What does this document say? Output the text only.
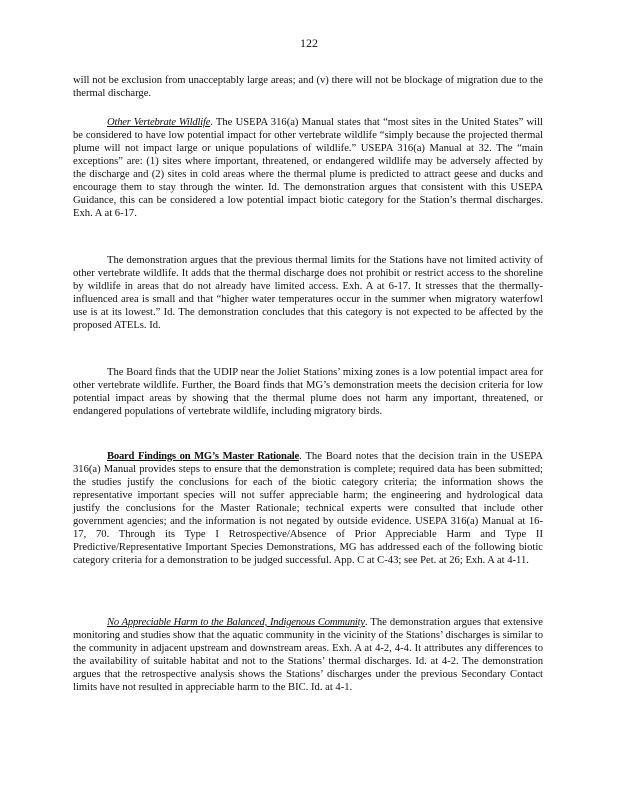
122
will not be exclusion from unacceptably large areas; and (v) there will not be blockage of migration due to the thermal discharge.
Other Vertebrate Wildlife. The USEPA 316(a) Manual states that “most sites in the United States” will be considered to have low potential impact for other vertebrate wildlife “simply because the projected thermal plume will not impact large or unique populations of wildlife.” USEPA 316(a) Manual at 32. The “main exceptions” are: (1) sites where important, threatened, or endangered wildlife may be adversely affected by the discharge and (2) sites in cold areas where the thermal plume is predicted to attract geese and ducks and encourage them to stay through the winter. Id. The demonstration argues that consistent with this USEPA Guidance, this can be considered a low potential impact biotic category for the Station’s thermal discharges. Exh. A at 6-17.
The demonstration argues that the previous thermal limits for the Stations have not limited activity of other vertebrate wildlife. It adds that the thermal discharge does not prohibit or restrict access to the shoreline by wildlife in areas that do not already have limited access. Exh. A at 6-17. It stresses that the thermally-influenced area is small and that “higher water temperatures occur in the summer when migratory waterfowl use is at its lowest.” Id. The demonstration concludes that this category is not expected to be affected by the proposed ATELs. Id.
The Board finds that the UDIP near the Joliet Stations’ mixing zones is a low potential impact area for other vertebrate wildlife. Further, the Board finds that MG’s demonstration meets the decision criteria for low potential impact areas by showing that the thermal plume does not harm any important, threatened, or endangered populations of vertebrate wildlife, including migratory birds.
Board Findings on MG’s Master Rationale. The Board notes that the decision train in the USEPA 316(a) Manual provides steps to ensure that the demonstration is complete; required data has been submitted; the studies justify the conclusions for each of the biotic category criteria; the information shows the representative important species will not suffer appreciable harm; the engineering and hydrological data justify the conclusions for the Master Rationale; technical experts were consulted that include other government agencies; and the information is not negated by outside evidence. USEPA 316(a) Manual at 16-17, 70. Through its Type I Retrospective/Absence of Prior Appreciable Harm and Type II Predictive/Representative Important Species Demonstrations, MG has addressed each of the following biotic category criteria for a demonstration to be judged successful. App. C at C-43; see Pet. at 26; Exh. A at 4-11.
No Appreciable Harm to the Balanced, Indigenous Community. The demonstration argues that extensive monitoring and studies show that the aquatic community in the vicinity of the Stations’ discharges is similar to the community in adjacent upstream and downstream areas. Exh. A at 4-2, 4-4. It attributes any differences to the availability of suitable habitat and not to the Stations’ thermal discharges. Id. at 4-2. The demonstration argues that the retrospective analysis shows the Stations’ discharges under the previous Secondary Contact limits have not resulted in appreciable harm to the BIC. Id. at 4-1.
